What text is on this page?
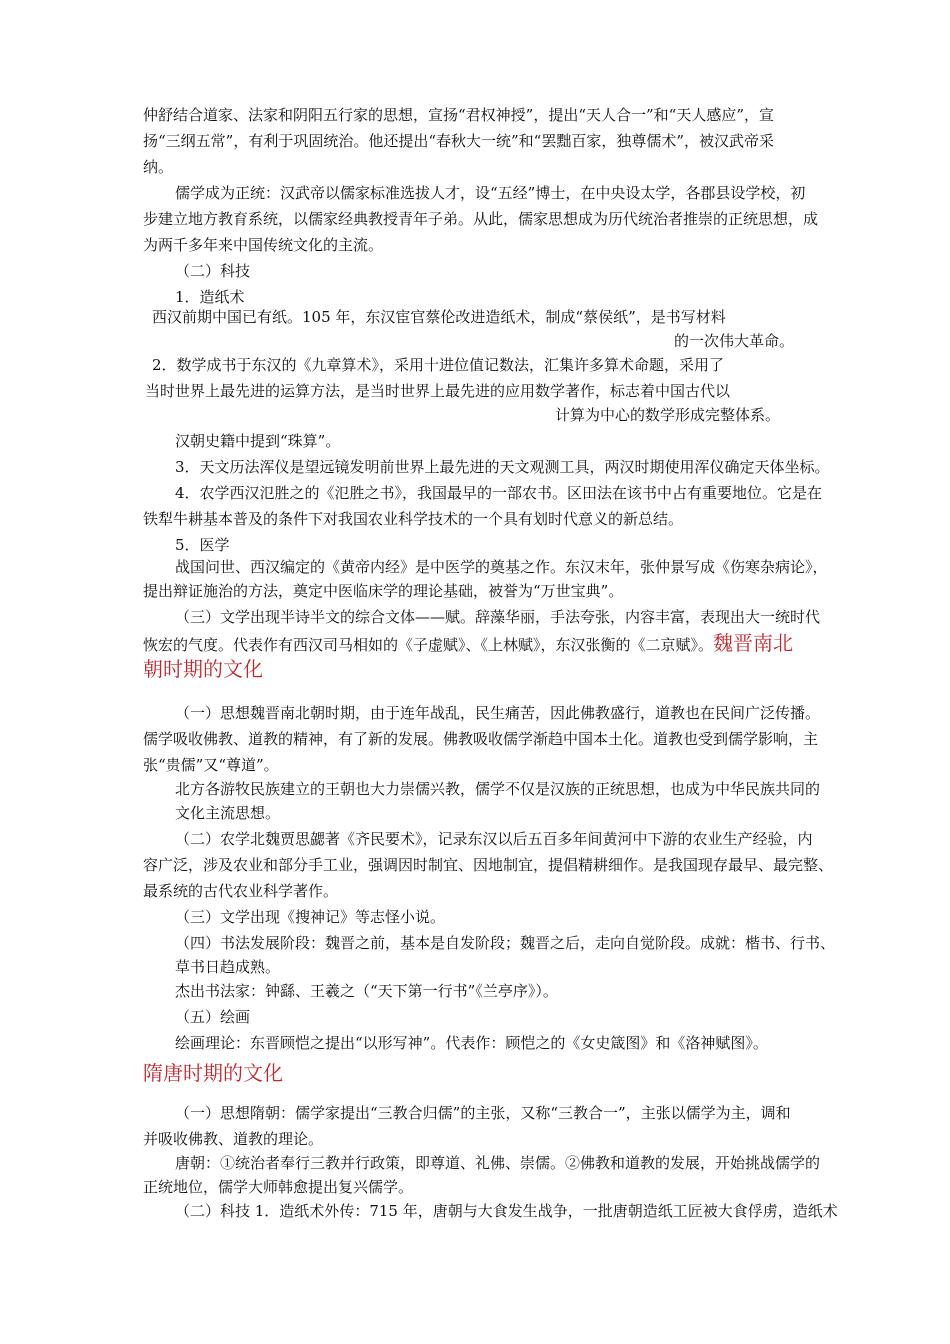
仲舒结合道家、法家和阴阳五行家的思想，宣扬“君权神授”，提出“天人合一”和“天人感应”，宣
扬“三纲五常”，有利于巩固统治。他还提出“春秋大一统”和“罢黜百家，独尊儒术”，被汉武帝采
纳。
儒学成为正统：汉武帝以儒家标准选拔人才，设“五经”博士，在中央设太学，各郡县设学校，初
步建立地方教育系统，以儒家经典教授青年子弟。从此，儒家思想成为历代统治者推崇的正统思想，成
为两千多年来中国传统文化的主流。
（二）科技
1．造纸术
西汉前期中国已有纸。105 年，东汉宦官蔡伦改进造纸术，制成“蔡侯纸”，是书写材料
的一次伟大革命。
2．数学成书于东汉的《九章算术》，采用十进位值记数法，汇集许多算术命题，采用了
当时世界上最先进的运算方法，是当时世界上最先进的应用数学著作，标志着中国古代以
计算为中心的数学形成完整体系。
汉朝史籍中提到“珠算”。
3．天文历法浑仪是望远镜发明前世界上最先进的天文观测工具，两汉时期使用浑仪确定天体坐标。
4．农学西汉氾胜之的《氾胜之书》，我国最早的一部农书。区田法在该书中占有重要地位。它是在
铁犁牛耕基本普及的条件下对我国农业科学技术的一个具有划时代意义的新总结。
5．医学
战国问世、西汉编定的《黄帝内经》是中医学的奠基之作。东汉末年，张仲景写成《伤寒杂病论》，
提出辩证施治的方法，奠定中医临床学的理论基础，被誉为“万世宝典”。
（三）文学出现半诗半文的综合文体——赋。辞藻华丽，手法夸张，内容丰富，表现出大一统时代
恢宏的气度。代表作有西汉司马相如的《子虚赋》、《上林赋》，东汉张衡的《二京赋》。魏晋南北
朝时期的文化
（一）思想魏晋南北朝时期，由于连年战乱，民生痛苦，因此佛教盛行，道教也在民间广泛传播。
儒学吸收佛教、道教的精神，有了新的发展。佛教吸收儒学渐趋中国本土化。道教也受到儒学影响，主
张“贵儒”又“尊道”。
北方各游牧民族建立的王朝也大力崇儒兴教，儒学不仅是汉族的正统思想，也成为中华民族共同的
文化主流思想。
（二）农学北魏贾思勰著《齐民要术》，记录东汉以后五百多年间黄河中下游的农业生产经验，内
容广泛，涉及农业和部分手工业，强调因时制宜、因地制宜，提倡精耕细作。是我国现存最早、最完整、
最系统的古代农业科学著作。
（三）文学出现《搜神记》等志怪小说。
（四）书法发展阶段：魏晋之前，基本是自发阶段；魏晋之后，走向自觉阶段。成就：楷书、行书、
草书日趋成熟。
杰出书法家：钟繇、王羲之（“天下第一行书”《兰亭序》）。
（五）绘画
绘画理论：东晋顾恺之提出“以形写神”。代表作：顾恺之的《女史箴图》和《洛神赋图》。
隋唐时期的文化
（一）思想隋朝：儒学家提出“三教合归儒”的主张，又称“三教合一”，主张以儒学为主，调和
并吸收佛教、道教的理论。
唐朝：①统治者奉行三教并行政策，即尊道、礼佛、崇儒。②佛教和道教的发展，开始挑战儒学的
正统地位，儒学大师韩愈提出复兴儒学。
（二）科技 1．造纸术外传：715 年，唐朝与大食发生战争，一批唐朝造纸工匠被大食俘虏，造纸术
